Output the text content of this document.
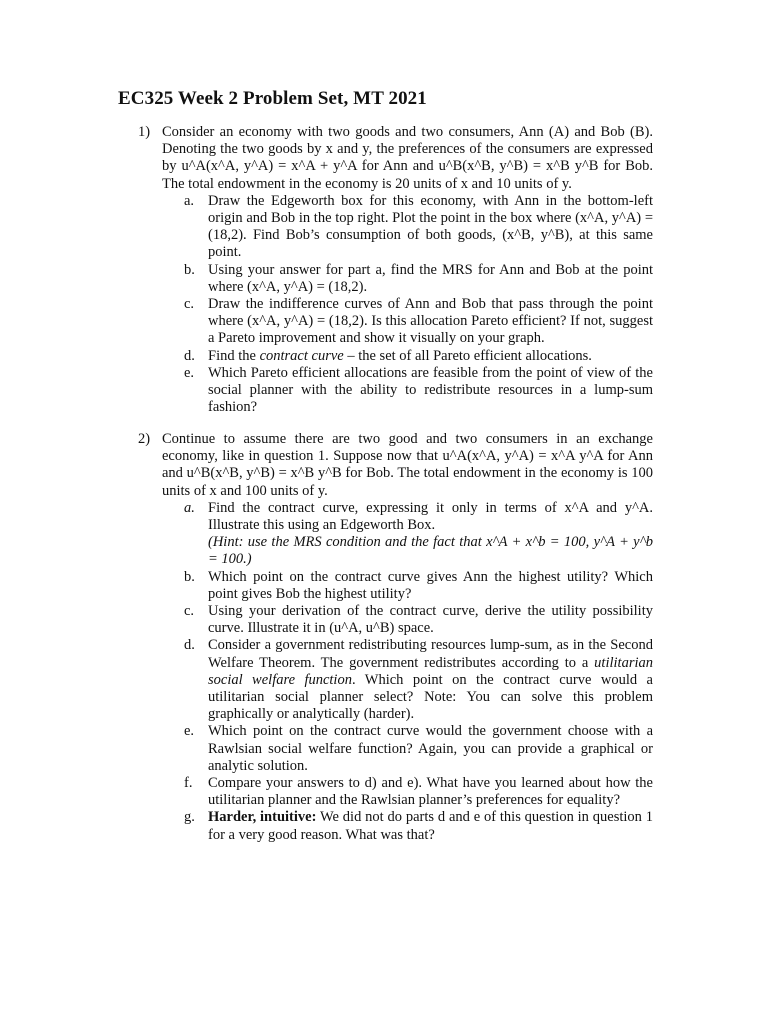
EC325 Week 2 Problem Set, MT 2021
1) Consider an economy with two goods and two consumers, Ann (A) and Bob (B). Denoting the two goods by x and y, the preferences of the consumers are expressed by u^A(x^A, y^A) = x^A + y^A for Ann and u^B(x^B, y^B) = x^B y^B for Bob. The total endowment in the economy is 20 units of x and 10 units of y.
a. Draw the Edgeworth box for this economy, with Ann in the bottom-left origin and Bob in the top right. Plot the point in the box where (x^A, y^A) = (18,2). Find Bob’s consumption of both goods, (x^B, y^B), at this same point.
b. Using your answer for part a, find the MRS for Ann and Bob at the point where (x^A, y^A) = (18,2).
c. Draw the indifference curves of Ann and Bob that pass through the point where (x^A, y^A) = (18,2). Is this allocation Pareto efficient? If not, suggest a Pareto improvement and show it visually on your graph.
d. Find the contract curve – the set of all Pareto efficient allocations.
e. Which Pareto efficient allocations are feasible from the point of view of the social planner with the ability to redistribute resources in a lump-sum fashion?
2) Continue to assume there are two good and two consumers in an exchange economy, like in question 1. Suppose now that u^A(x^A, y^A) = x^A y^A for Ann and u^B(x^B, y^B) = x^B y^B for Bob. The total endowment in the economy is 100 units of x and 100 units of y.
a. Find the contract curve, expressing it only in terms of x^A and y^A. Illustrate this using an Edgeworth Box.
(Hint: use the MRS condition and the fact that x^A + x^b = 100, y^A + y^b = 100.)
b. Which point on the contract curve gives Ann the highest utility? Which point gives Bob the highest utility?
c. Using your derivation of the contract curve, derive the utility possibility curve. Illustrate it in (u^A, u^B) space.
d. Consider a government redistributing resources lump-sum, as in the Second Welfare Theorem. The government redistributes according to a utilitarian social welfare function. Which point on the contract curve would a utilitarian social planner select? Note: You can solve this problem graphically or analytically (harder).
e. Which point on the contract curve would the government choose with a Rawlsian social welfare function? Again, you can provide a graphical or analytic solution.
f.	Compare your answers to d) and e). What have you learned about how the utilitarian planner and the Rawlsian planner’s preferences for equality?
g. Harder, intuitive: We did not do parts d and e of this question in question 1 for a very good reason. What was that?
